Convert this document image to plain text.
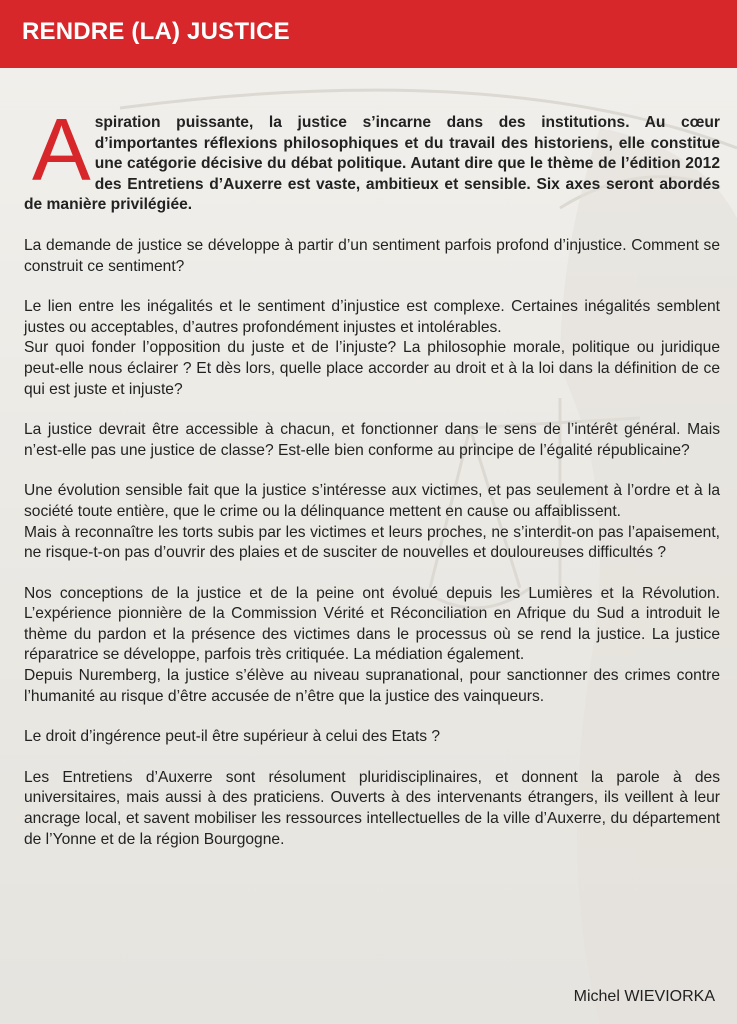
RENDRE (LA) JUSTICE
A spiration puissante, la justice s’incarne dans des institutions. Au cœur d’importantes réflexions philosophiques et du travail des historiens, elle constitue une catégorie décisive du débat politique. Autant dire que le thème de l’édition 2012 des Entretiens d’Auxerre est vaste, ambitieux et sensible. Six axes seront abordés de manière privilégiée.

La demande de justice se développe à partir d’un sentiment parfois profond d’injustice. Comment se construit ce sentiment?

Le lien entre les inégalités et le sentiment d’injustice est complexe. Certaines inégalités semblent justes ou acceptables, d’autres profondément injustes et intolérables.

Sur quoi fonder l’opposition du juste et de l’injuste? La philosophie morale, politique ou juridique peut-elle nous éclairer ? Et dès lors, quelle place accorder au droit et à la loi dans la définition de ce qui est juste et injuste?

La justice devrait être accessible à chacun, et fonctionner dans le sens de l’intérêt général. Mais n’est-elle pas une justice de classe? Est-elle bien conforme au principe de l’égalité républicaine?

Une évolution sensible fait que la justice s’intéresse aux victimes, et pas seulement à l’ordre et à la société toute entière, que le crime ou la délinquance mettent en cause ou affaiblissent.

Mais à reconnaître les torts subis par les victimes et leurs proches, ne s’interdit-on pas l’apaisement, ne risque-t-on pas d’ouvrir des plaies et de susciter de nouvelles et douloureuses difficultés ?

Nos conceptions de la justice et de la peine ont évolué depuis les Lumières et la Révolution. L’expérience pionnière de la Commission Vérité et Réconciliation en Afrique du Sud a introduit le thème du pardon et la présence des victimes dans le processus où se rend la justice. La justice réparatrice se développe, parfois très critiquée. La médiation également.

Depuis Nuremberg, la justice s’élève au niveau supranational, pour sanctionner des crimes contre l’humanité au risque d’être accusée de n’être que la justice des vainqueurs.

Le droit d’ingérence peut-il être supérieur à celui des Etats ?

Les Entretiens d’Auxerre sont résolument pluridisciplinaires, et donnent la parole à des universitaires, mais aussi à des praticiens. Ouverts à des intervenants étrangers, ils veillent à leur ancrage local, et savent mobiliser les ressources intellectuelles de la ville d’Auxerre, du département de l’Yonne et de la région Bourgogne.

Michel WIEVIORKA
